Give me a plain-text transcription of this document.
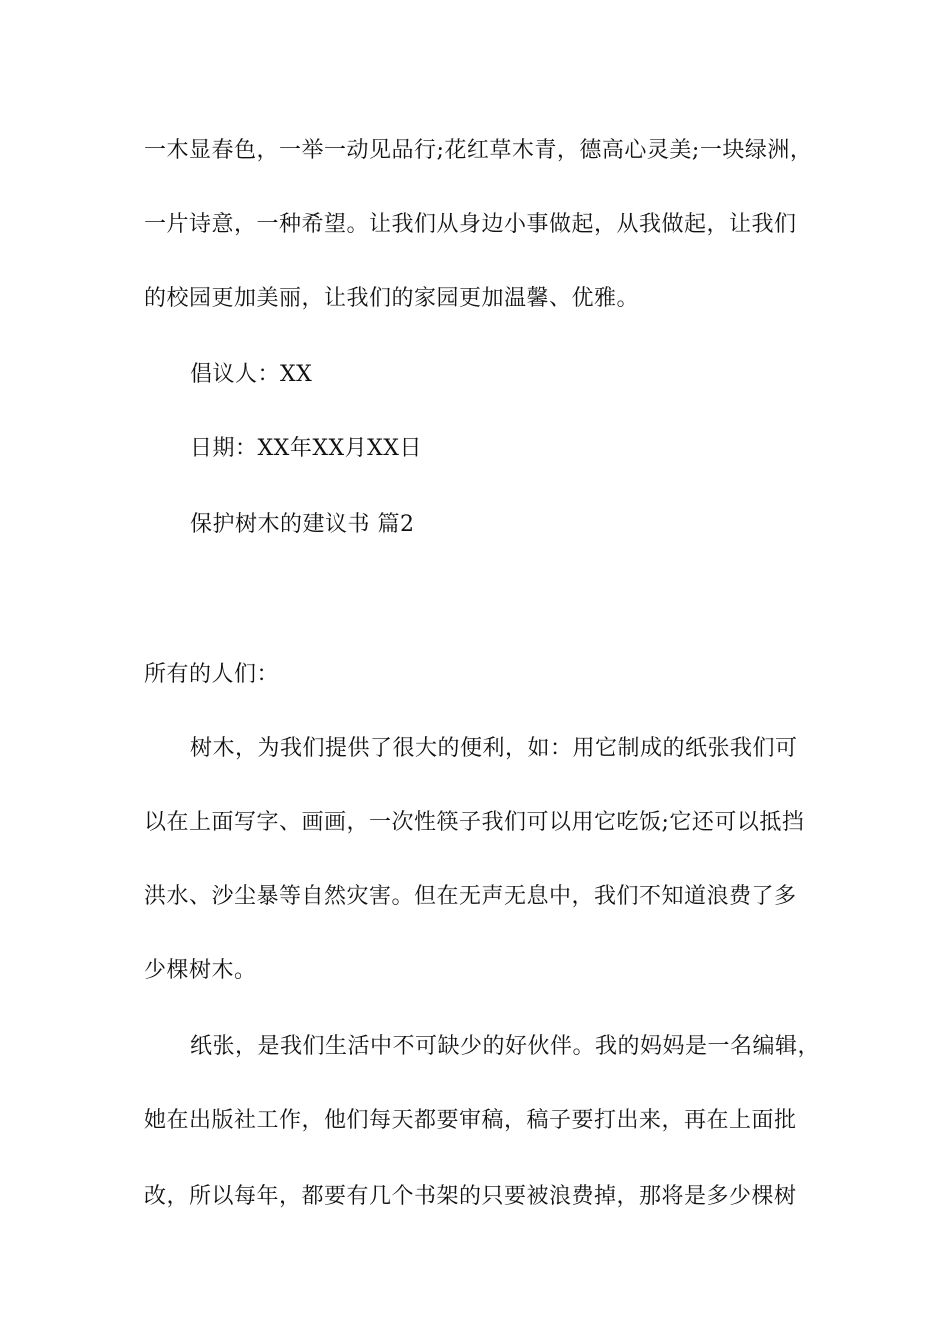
一木显春色，一举一动见品行;花红草木青，德高心灵美;一块绿洲，
一片诗意，一种希望。让我们从身边小事做起，从我做起，让我们
的校园更加美丽，让我们的家园更加温馨、优雅。
倡议人：XX
日期：XX年XX月XX日
保护树木的建议书 篇2
所有的人们：
树木，为我们提供了很大的便利，如：用它制成的纸张我们可
以在上面写字、画画，一次性筷子我们可以用它吃饭;它还可以抵挡
洪水、沙尘暴等自然灾害。但在无声无息中，我们不知道浪费了多
少棵树木。
纸张，是我们生活中不可缺少的好伙伴。我的妈妈是一名编辑，
她在出版社工作，他们每天都要审稿，稿子要打出来，再在上面批
改，所以每年，都要有几个书架的只要被浪费掉，那将是多少棵树
